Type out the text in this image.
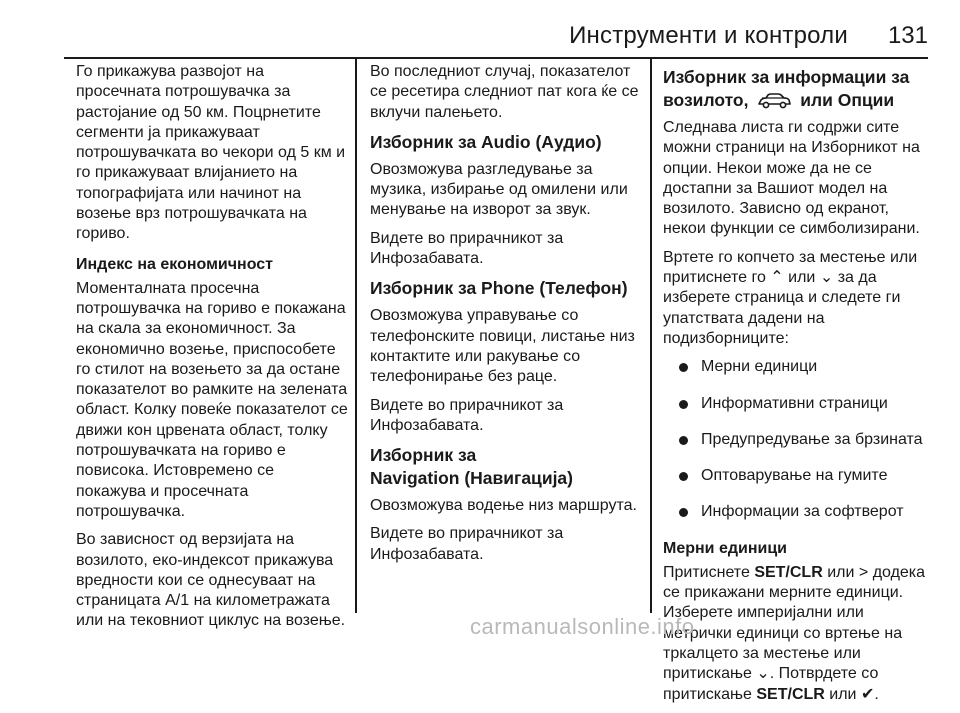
Инструменти и контроли 131

Го прикажува развојот на просечната потрошувачка за растојание од 50 км. Поцрнетите сегменти ја прикажуваат потрошувачката во чекори од 5 км и го прикажуваат влијанието на топографијата или начинот на возење врз потрошувачката на гориво.

Индекс на економичност

Моменталната просечна потрошувачка на гориво е покажана на скала за економичност. За економично возење, приспособете го стилот на возењето за да остане показателот во рамките на зелената област. Колку повеќе показателот се движи кон црвената област, толку потрошувачката на гориво е повисока. Истовремено се покажува и просечната потрошувачка.

Во зависност од верзијата на возилото, еко-индексот прикажува вредности кои се однесуваат на страницата А/1 на километражата или на тековниот циклус на возење.

Во последниот случај, показателот се ресетира следниот пат кога ќе се вклучи палењето.

Изборник за Audio (Аудио)

Овозможува разгледување за музика, избирање од омилени или менување на изворот за звук.

Видете во прирачникот за Инфозабавата.

Изборник за Phone (Телефон)

Овозможува управување со телефонските повици, листање низ контактите или ракување со телефонирање без раце.

Видете во прирачникот за Инфозабавата.

Изборник за
Navigation (Навигација)

Овозможува водење низ маршрута.

Видете во прирачникот за Инфозабавата.

Изборник за информации за
возилото,	или Опции

Следнава листа ги содржи сите можни страници на Изборникот на опции. Некои може да не се достапни за Вашиот модел на возилото. Зависно од екранот, некои функции се симболизирани.

Вртете го копчето за местење или притиснете го ⌃ или ⌄ за да изберете страница и следете ги упатствата дадени на подизборниците:

Мерни единици
Информативни страници
Предупредување за брзината
Оптоварување на гумите
Информации за софтверот
Мерни единици

Притиснете SET/CLR или > додека се прикажани мерните единици. Изберете империјални или метрички единици со вртење на тркалцето за местење или притискање ⌄. Потврдете со притискање SET/CLR или ✔.

carmanualsonline.info
